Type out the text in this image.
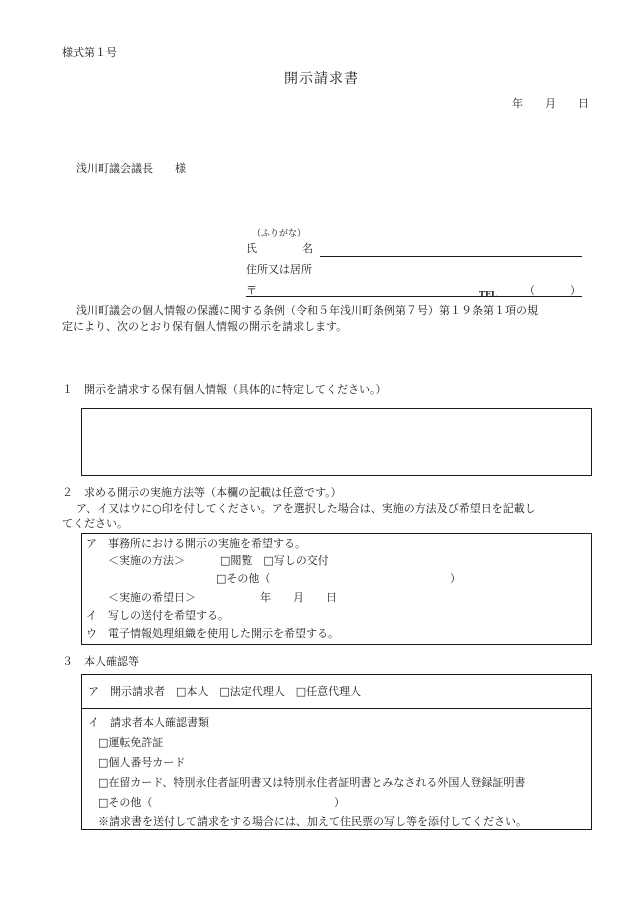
様式第１号
開示請求書
年　　月　　日
浅川町議会議長　　様
（ふりがな）
氏	名
住所又は居所
〒	TEL （	）
浅川町議会の個人情報の保護に関する条例（令和５年浅川町条例第７号）第１９条第１項の規
定により、次のとおり保有個人情報の開示を請求します。
１　開示を請求する保有個人情報（具体的に特定してください。）
２　求める開示の実施方法等（本欄の記載は任意です。）
ア、イ又はウに○印を付してください。アを選択した場合は、実施の方法及び希望日を記載し
てください。
ア　事務所における開示の実施を希望する。
＜実施の方法＞	□閲覧　□写しの交付
□その他（	）
＜実施の希望日＞	年　　月　　日
イ　写しの送付を希望する。
ウ　電子情報処理組織を使用した開示を希望する。
３　本人確認等
ア　開示請求者　□本人　□法定代理人　□任意代理人
イ　請求者本人確認書類
□運転免許証
□個人番号カード
□在留カード、特別永住者証明書又は特別永住者証明書とみなされる外国人登録証明書
□その他（	）
※請求書を送付して請求をする場合には、加えて住民票の写し等を添付してください。
